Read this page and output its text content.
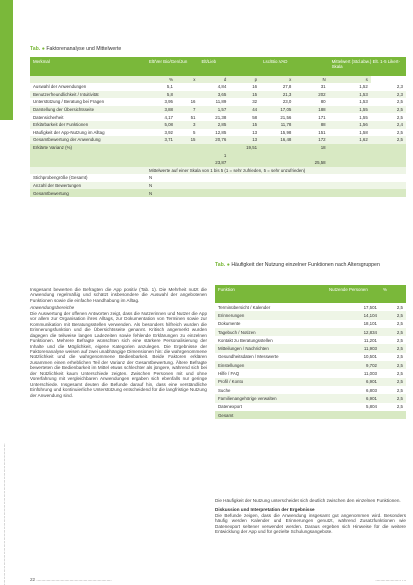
......................................................................................................
Tab. ● Faktorenanalyse und Mittelwerte
Merkmal	Elt/Ver Bio/Gen/Jun		Elt/Lieb		Lsc/Bio.VAD		Mittelwert (Std.abw.) Elt. 1-5 Likert-Skala	
	%	x	d	p	x	N	s	
Auswahl der Anwendungen	5,1		4,84	16	27,8	31	1,52	2,3
Benutzerfreundlichkeit / Intuitivität	5,8		3,65	15	21,3	202	1,53	2,3
Unterstützung / Beratung bei Fragen	3,95	16	11,89	32	23,0	80	1,53	2,5
Darstellung der Übersichtsseite	3,88	7	1,57	44	17,05	188	1,55	2,5
Datensicherheit	4,17	51	21,38	58	21,56	171	1,55	2,5
Erklärbarkeit der Funktionen	5,08	3	2,85	15	11,78	88	1,56	2,4
Häufigkeit der App-Nutzung im Alltag	3,92	5	12,85	13	15,98	151	1,58	2,5
Gesamtbewertung der Anwendung	3,71	15	20,76	13	16,48	172	1,62	2,5
Erklärte Varianz (%)				19,51		18		
			1					
			23,87			25,58		
	Mittelwerte auf einer Skala von 1 bis 5 (1 = sehr zufrieden, 5 = sehr unzufrieden)							
Stichprobengröße (Gesamt)	N							
Anzahl der Bewertungen	N							
Gesamtbewertung	N							

Insgesamt bewerten die Befragten die App positiv (Tab. 1). Die Mehrheit nutzt die Anwendung regelmäßig und schätzt insbesondere die Auswahl der angebotenen Funktionen sowie die einfache Handhabung im Alltag.

Anwendungsbereiche

Die Auswertung der offenen Antworten zeigt, dass die Nutzerinnen und Nutzer die App vor allem zur Organisation ihres Alltags, zur Dokumentation von Terminen sowie zur Kommunikation mit Beratungsstellen verwenden. Als besonders hilfreich wurden die Erinnerungsfunktion und die Übersichtsseite genannt. Kritisch angemerkt wurden dagegen die teilweise langen Ladezeiten sowie fehlende Erklärungen zu einzelnen Funktionen. Mehrere Befragte wünschten sich eine stärkere Personalisierung der Inhalte und die Möglichkeit, eigene Kategorien anzulegen. Die Ergebnisse der Faktorenanalyse weisen auf zwei unabhängige Dimensionen hin: die wahrgenommene Nützlichkeit und die wahrgenommene Bedienbarkeit. Beide Faktoren erklären zusammen einen erheblichen Teil der Varianz der Gesamtbewertung. Ältere Befragte bewerteten die Bedienbarkeit im Mittel etwas schlechter als jüngere, während sich bei der Nützlichkeit kaum Unterschiede zeigten. Zwischen Personen mit und ohne Vorerfahrung mit vergleichbaren Anwendungen ergaben sich ebenfalls nur geringe Unterschiede. Insgesamt deuten die Befunde darauf hin, dass eine verständliche Einführung und kontinuierliche Unterstützung entscheidend für die langfristige Nutzung der Anwendung sind.

Tab. ● Häufigkeit der Nutzung einzelner Funktionen nach Altersgruppen
Funktion	Nutzende Personen	%
Terminübersicht / Kalender	17,501	2,5
Erinnerungen	14,104	2,5
Dokumente	18,101	2,5
Tagebuch / Notizen	12,834	2,5
Kontakt zu Beratungsstellen	11,201	2,5
Mitteilungen / Nachrichten	11,903	2,5
Gesundheitsdaten / Messwerte	10,501	2,5
Einstellungen	9,702	2,5
Hilfe / FAQ	11,003	2,5
Profil / Konto	6,901	2,5
Suche	6,803	2,5
Familienangehörige verwalten	6,901	2,5
Datenexport	5,804	2,5
Gesamt		

Die Häufigkeit der Nutzung unterscheidet sich deutlich zwischen den einzelnen Funktionen.

Diskussion und Interpretation der Ergebnisse

Die Befunde zeigen, dass die Anwendung insgesamt gut angenommen wird. Besonders häufig werden Kalender und Erinnerungen genutzt, während Zusatzfunktionen wie Datenexport seltener verwendet werden. Daraus ergeben sich Hinweise für die weitere Entwicklung der App und für gezielte Schulungsangebote.

22 ...........................................................	.................... ...
